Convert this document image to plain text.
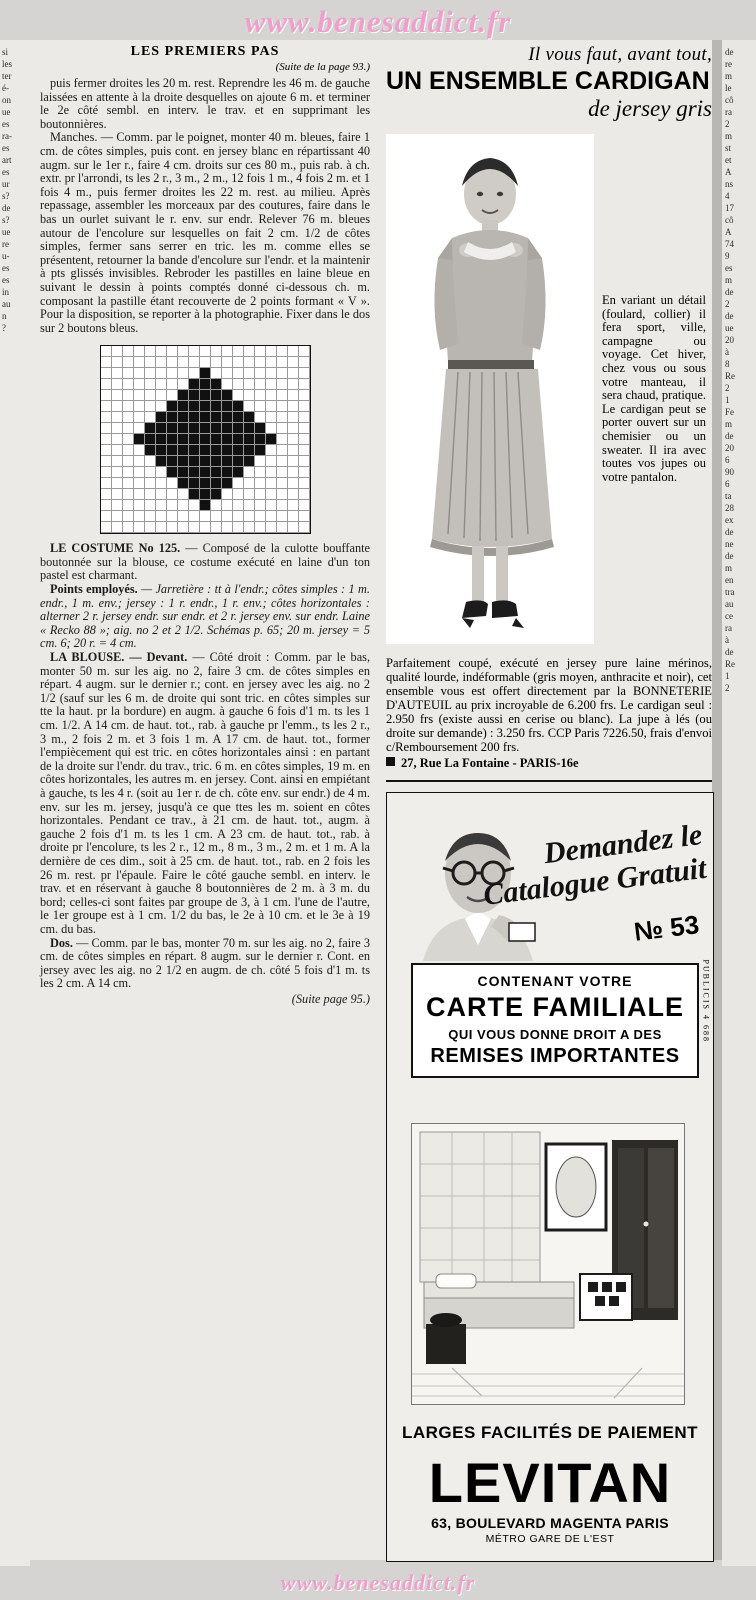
www.benesaddict.fr
si
les
ter
é-
on
ue
es
ra-
es
art
es
ur
s?
de
s?
ue
re
u-
es
es
in
au
n
?
de
re
m
le
cô
ra
2
m
st
et
A
ns
4
17
cô
A
74
9
es
m
de
2
de
ue
20
à
8
Re
2
1
Fe
m
de
20
6
90
6
ta
28
ex
de
ne
de
m
en
tra
au
ce
ra
à
de
Re
1
2
LES PREMIERS PAS
(Suite de la page 93.)

puis fermer droites les 20 m. rest. Reprendre les 46 m. de gauche laissées en attente à la droite desquelles on ajoute 6 m. et terminer le 2e côté sembl. en interv. le trav. et en supprimant les boutonnières.

Manches. — Comm. par le poignet, monter 40 m. bleues, faire 1 cm. de côtes simples, puis cont. en jersey blanc en répartissant 40 augm. sur le 1er r., faire 4 cm. droits sur ces 80 m., puis rab. à ch. extr. pr l'arrondi, ts les 2 r., 3 m., 2 m., 12 fois 1 m., 4 fois 2 m. et 1 fois 4 m., puis fermer droites les 22 m. rest. au milieu. Après repassage, assembler les morceaux par des coutures, faire dans le bas un ourlet suivant le r. env. sur endr. Relever 76 m. bleues autour de l'encolure sur lesquelles on fait 2 cm. 1/2 de côtes simples, fermer sans serrer en tric. les m. comme elles se présentent, retourner la bande d'encolure sur l'endr. et la maintenir à pts glissés invisibles. Rebroder les pastilles en laine bleue en suivant le dessin à points comptés donné ci-dessous ch. m. composant la pastille étant recouverte de 2 points formant « V ». Pour la disposition, se reporter à la photographie. Fixer dans le dos sur 2 boutons bleus.

LE COSTUME No 125. — Composé de la culotte bouffante boutonnée sur la blouse, ce costume exécuté en laine d'un ton pastel est charmant.

Points employés. — Jarretière : tt à l'endr.; côtes simples : 1 m. endr., 1 m. env.; jersey : 1 r. endr., 1 r. env.; côtes horizontales : alterner 2 r. jersey endr. sur endr. et 2 r. jersey env. sur endr. Laine « Recko 88 »; aig. no 2 et 2 1/2. Schémas p. 65; 20 m. jersey = 5 cm. 6; 20 r. = 4 cm.

LA BLOUSE. — Devant. — Côté droit : Comm. par le bas, monter 50 m. sur les aig. no 2, faire 3 cm. de côtes simples en répart. 4 augm. sur le dernier r.; cont. en jersey avec les aig. no 2 1/2 (sauf sur les 6 m. de droite qui sont tric. en côtes simples sur tte la haut. pr la bordure) en augm. à gauche 6 fois d'1 m. ts les 1 cm. 1/2. A 14 cm. de haut. tot., rab. à gauche pr l'emm., ts les 2 r., 3 m., 2 fois 2 m. et 3 fois 1 m. A 17 cm. de haut. tot., former l'empiècement qui est tric. en côtes horizontales ainsi : en partant de la droite sur l'endr. du trav., tric. 6 m. en côtes simples, 19 m. en côtes horizontales, les autres m. en jersey. Cont. ainsi en empiétant à gauche, ts les 4 r. (soit au 1er r. de ch. côte env. sur endr.) de 4 m. env. sur les m. jersey, jusqu'à ce que ttes les m. soient en côtes horizontales. Pendant ce trav., à 21 cm. de haut. tot., augm. à gauche 2 fois d'1 m. ts les 1 cm. A 23 cm. de haut. tot., rab. à droite pr l'encolure, ts les 2 r., 12 m., 8 m., 3 m., 2 m. et 1 m. A la dernière de ces dim., soit à 25 cm. de haut. tot., rab. en 2 fois les 26 m. rest. pr l'épaule. Faire le côté gauche sembl. en interv. le trav. et en réservant à gauche 8 boutonnières de 2 m. à 3 m. du bord; celles-ci sont faites par groupe de 3, à 1 cm. l'une de l'autre, le 1er groupe est à 1 cm. 1/2 du bas, le 2e à 10 cm. et le 3e à 19 cm. du bas.

Dos. — Comm. par le bas, monter 70 m. sur les aig. no 2, faire 3 cm. de côtes simples en répart. 8 augm. sur le dernier r. Cont. en jersey avec les aig. no 2 1/2 en augm. de ch. côté 5 fois d'1 m. ts les 2 cm. A 14 cm.

(Suite page 95.)

Il vous faut, avant tout,
UN ENSEMBLE CARDIGAN
de jersey gris
En variant un détail (foulard, collier) il fera sport, ville, campagne ou voyage. Cet hiver, chez vous ou sous votre manteau, il sera chaud, pratique. Le cardigan peut se porter ouvert sur un chemisier ou un sweater. Il ira avec toutes vos jupes ou votre pantalon.
Parfaitement coupé, exécuté en jersey pure laine mérinos, qualité lourde, indéformable (gris moyen, anthracite et noir), cet ensemble vous est offert directement par la BONNETERIE D'AUTEUIL au prix incroyable de 6.200 frs. Le cardigan seul : 2.950 frs (existe aussi en cerise ou blanc). La jupe à lés (ou droite sur demande) : 3.250 frs. CCP Paris 7226.50, frais d'envoi c/Remboursement 200 frs.
27, Rue La Fontaine - PARIS-16e
Demandez le Catalogue Gratuit
№ 53
CONTENANT VOTRE
CARTE FAMILIALE
QUI VOUS DONNE DROIT A DES
REMISES IMPORTANTES
LARGES FACILITÉS DE PAIEMENT
LEVITAN
63, BOULEVARD MAGENTA PARIS
MÉTRO GARE DE L'EST
PUBLICIS 4 688
www.benesaddict.fr
